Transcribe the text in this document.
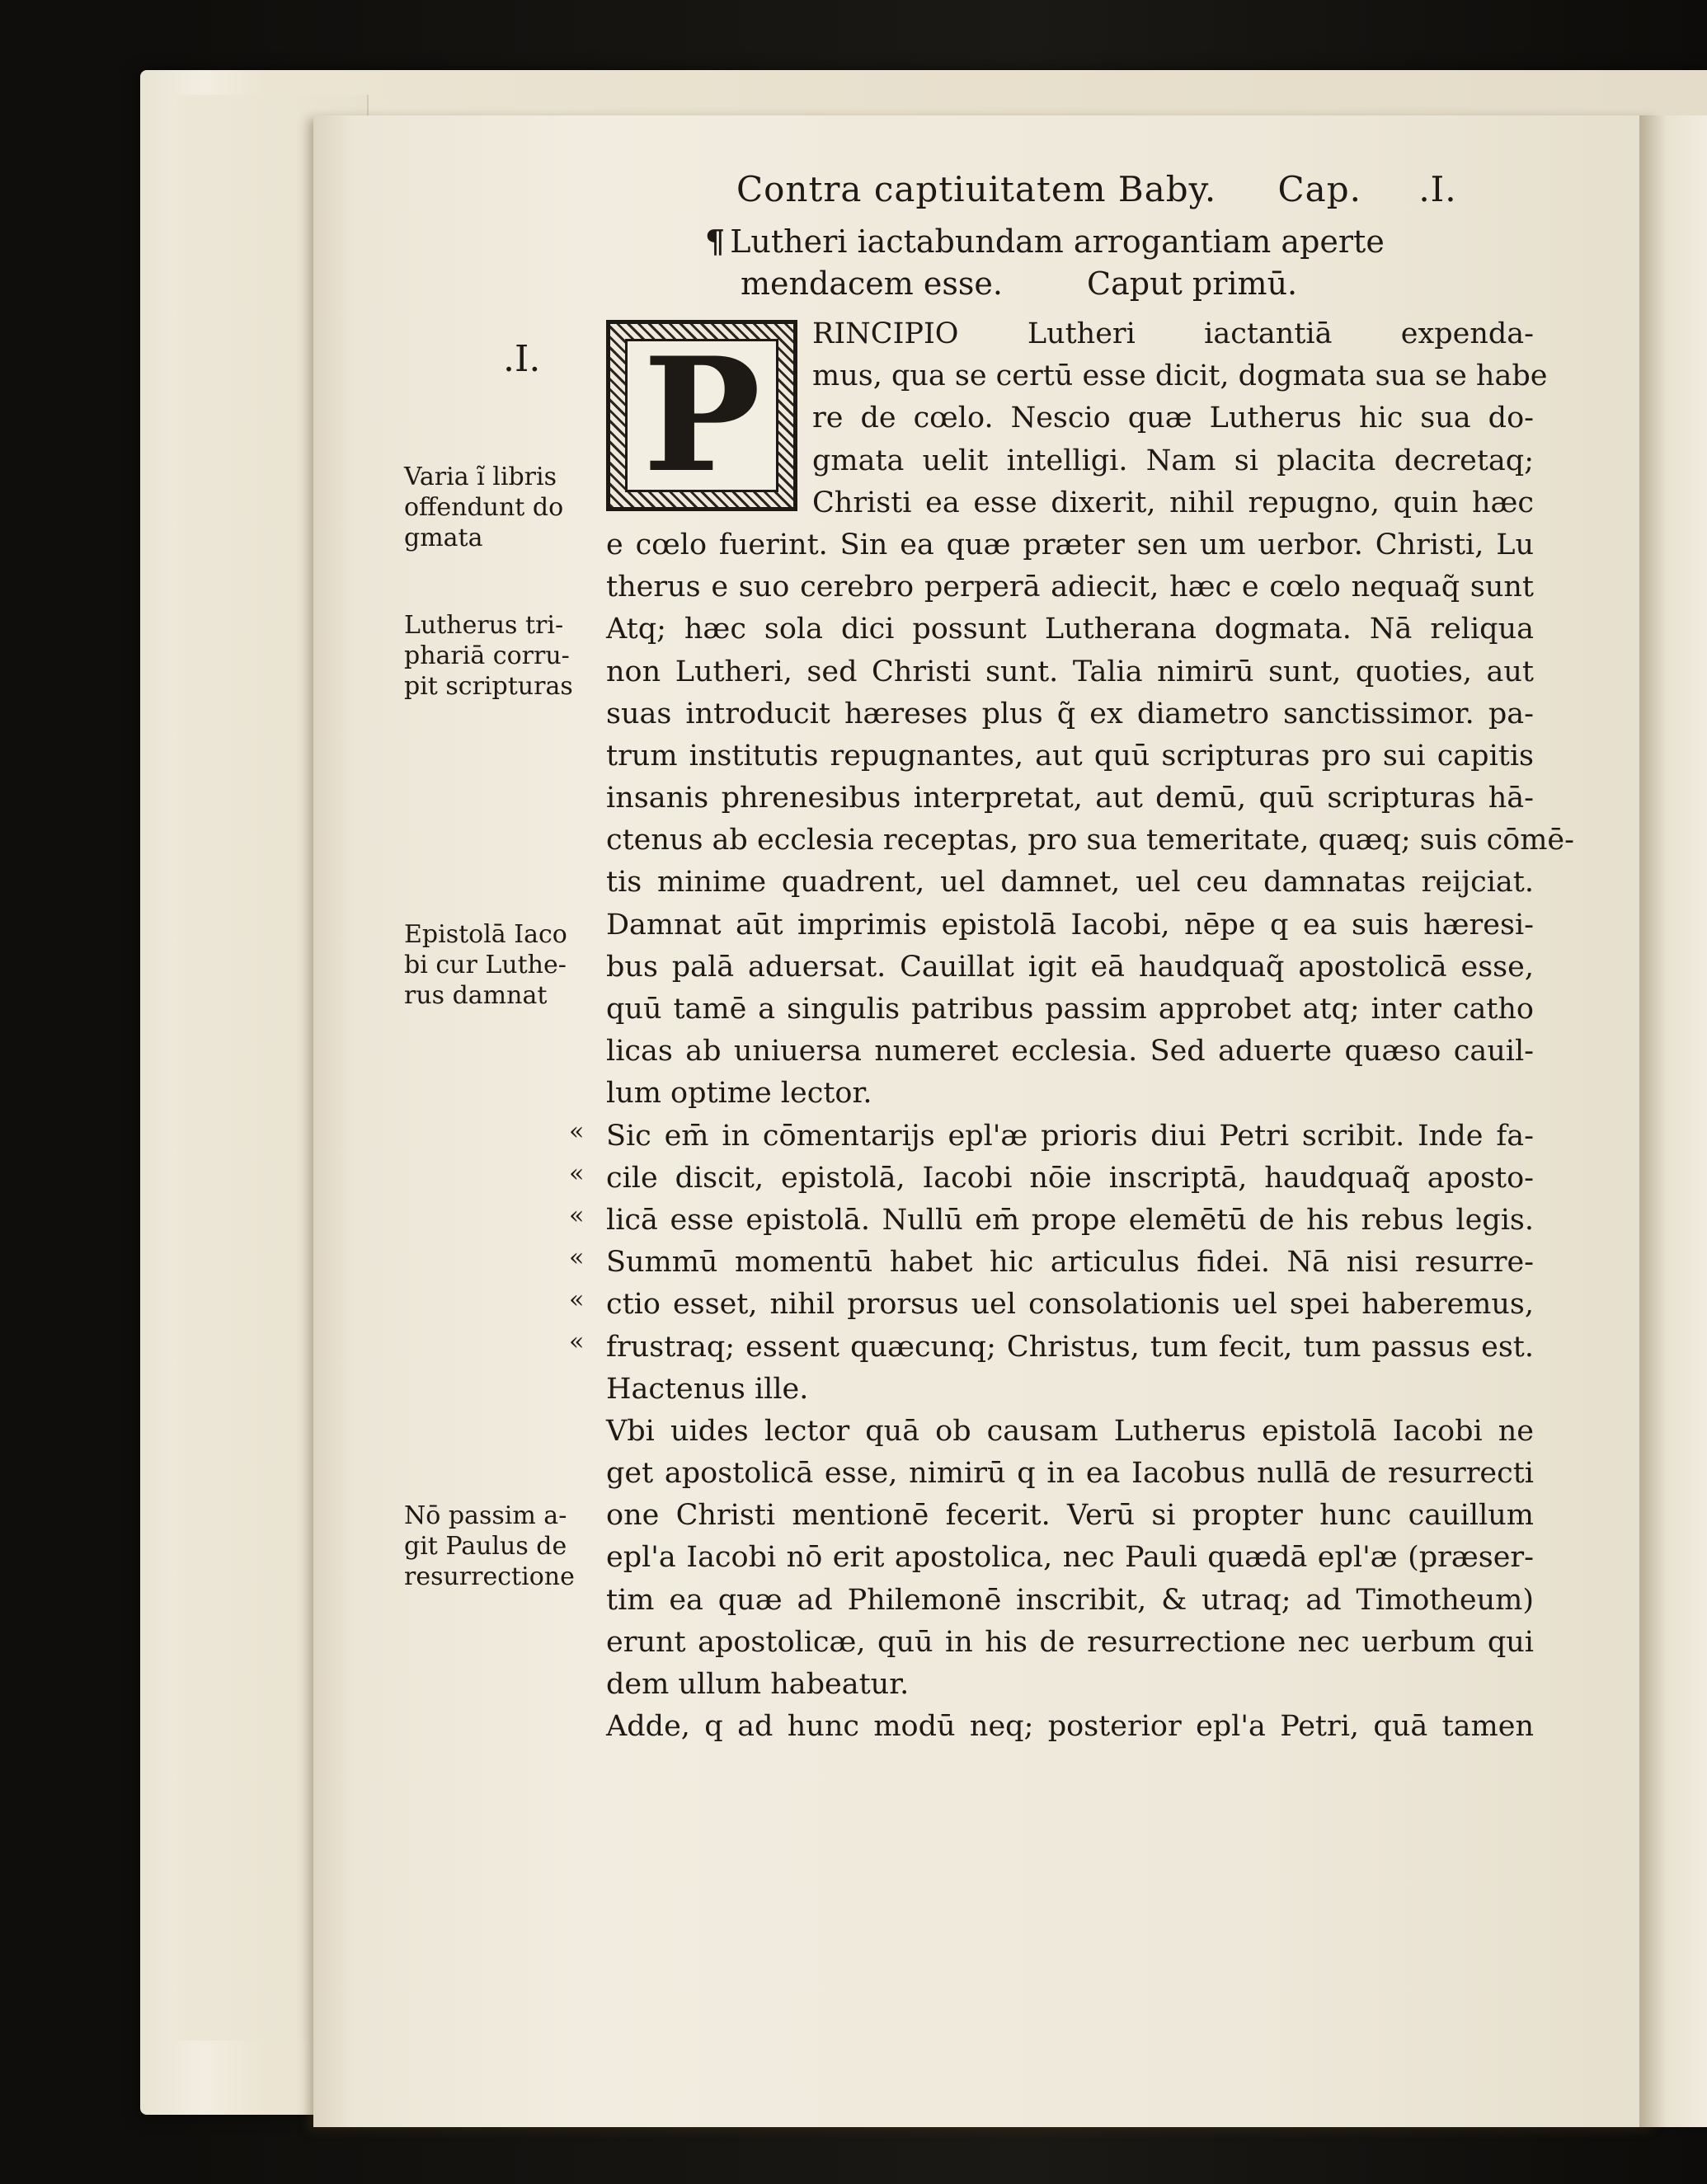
Contra captiuitatem Baby. Cap. .I.
¶ Lutheri iactabundam arrogantiam aperte
mendacem esse.	Caput primū.
.I. P	RINCIPIO Lutheri iactantiā expenda-
mus, qua se certū esse dicit, dogmata sua se habe
re de cœlo. Nescio quæ Lutherus hic sua do-
gmata uelit intelligi. Nam si placita decretaq;
Christi ea esse dixerit, nihil repugno, quin hæc
e cœlo fuerint. Sin ea quæ præter sen um uerbor. Christi, Lu
therus e suo cerebro perperā adiecit, hæc e cœlo nequaq̃ sunt
Atq; hæc sola dici possunt Lutherana dogmata. Nā reliqua
non Lutheri, sed Christi sunt. Talia nimirū sunt, quoties, aut
suas introducit hæreses plus q̃ ex diametro sanctissimor. pa-
trum institutis repugnantes, aut quū scripturas pro sui capitis
insanis phrenesibus interpretat, aut demū, quū scripturas hā-
ctenus ab ecclesia receptas, pro sua temeritate, quæq; suis cōmē-
tis minime quadrent, uel damnet, uel ceu damnatas reijciat.
Damnat aūt imprimis epistolā Iacobi, nēpe q ea suis hæresi-
bus palā aduersat. Cauillat igit eā haudquaq̃ apostolicā esse,
quū tamē a singulis patribus passim approbet atq; inter catho
licas ab uniuersa numeret ecclesia. Sed aduerte quæso cauil-
lum optime lector.
Sic em̄ in cōmentarijs epl'æ prioris diui Petri scribit. Inde fa-
cile discit, epistolā, Iacobi nōie inscriptā, haudquaq̃ aposto-
licā esse epistolā. Nullū em̄ prope elemētū de his rebus legis.
Summū momentū habet hic articulus fidei. Nā nisi resurre-
ctio esset, nihil prorsus uel consolationis uel spei haberemus,
frustraq; essent quæcunq; Christus, tum fecit, tum passus est.
Hactenus ille.
Vbi uides lector quā ob causam Lutherus epistolā Iacobi ne
get apostolicā esse, nimirū q in ea Iacobus nullā de resurrecti
one Christi mentionē fecerit. Verū si propter hunc cauillum
epl'a Iacobi nō erit apostolica, nec Pauli quædā epl'æ (præser-
tim ea quæ ad Philemonē inscribit, & utraq; ad Timotheum)
erunt apostolicæ, quū in his de resurrectione nec uerbum qui
dem ullum habeatur.
Adde, q ad hunc modū neq; posterior epl'a Petri, quā tamen
«
«
«
«
«
«
Varia ĩ libris
offendunt do
gmata
Lutherus tri-
phariā corru-
pit scripturas
Epistolā Iaco
bi cur Luthe-
rus damnat
Nō passim a-
git Paulus de
resurrectione
